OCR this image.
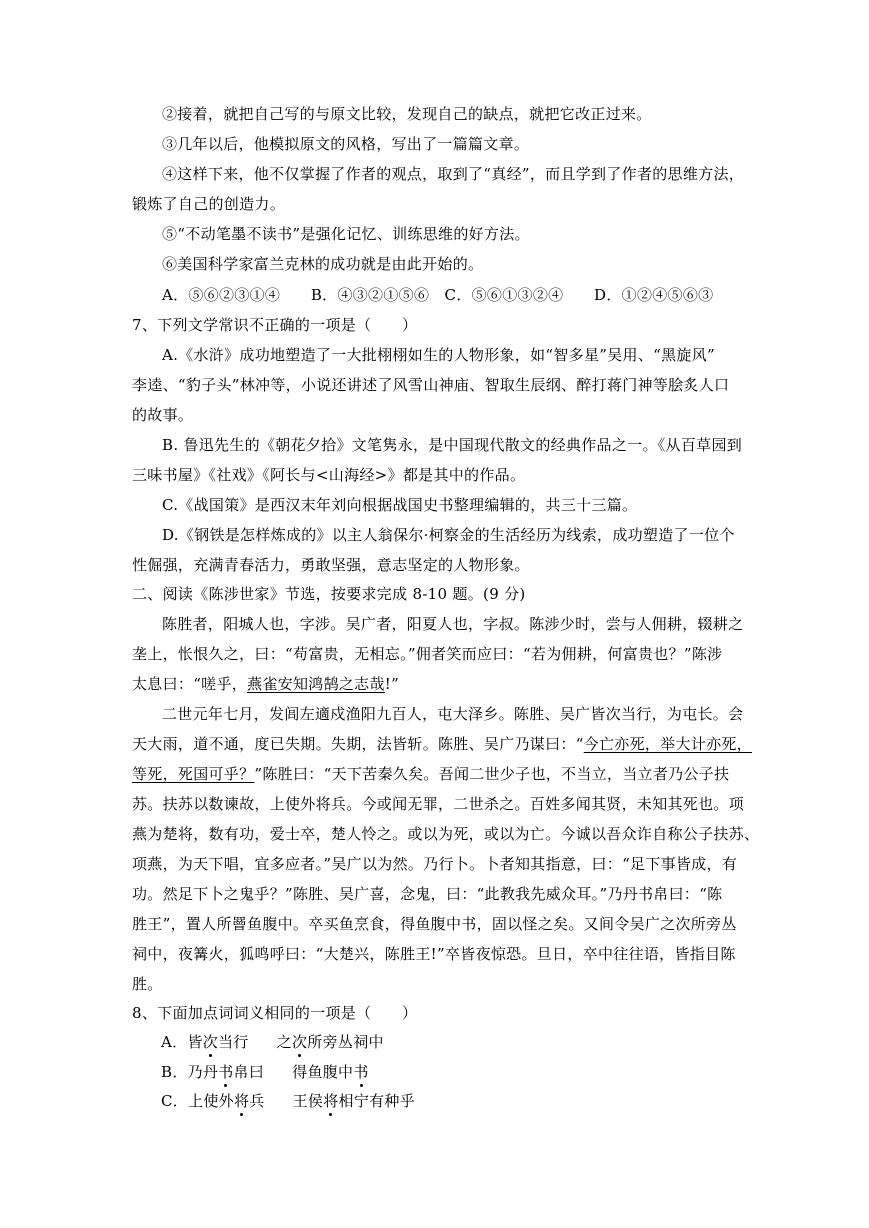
②接着，就把自己写的与原文比较，发现自己的缺点，就把它改正过来。
③几年以后，他模拟原文的风格，写出了一篇篇文章。
④这样下来，他不仅掌握了作者的观点，取到了“真经”，而且学到了作者的思维方法，
锻炼了自己的创造力。
⑤“不动笔墨不读书”是强化记忆、训练思维的好方法。
⑥美国科学家富兰克林的成功就是由此开始的。
A．⑤⑥②③①④　　B．④③②①⑤⑥　C．⑤⑥①③②④　　D．①②④⑤⑥③
7、下列文学常识不正确的一项是（　　）
A.《水浒》成功地塑造了一大批栩栩如生的人物形象，如“智多星”吴用、“黑旋风”
李逵、“豹子头”林冲等，小说还讲述了风雪山神庙、智取生辰纲、醉打蒋门神等脍炙人口
的故事。
B. 鲁迅先生的《朝花夕拾》文笔隽永，是中国现代散文的经典作品之一。《从百草园到
三味书屋》《社戏》《阿长与<山海经>》都是其中的作品。
C.《战国策》是西汉末年刘向根据战国史书整理编辑的，共三十三篇。
D.《钢铁是怎样炼成的》以主人翁保尔·柯察金的生活经历为线索，成功塑造了一位个
性倔强，充满青春活力，勇敢坚强，意志坚定的人物形象。
二、阅读《陈涉世家》节选，按要求完成 8-10 题。(9 分)
陈胜者，阳城人也，字涉。吴广者，阳夏人也，字叔。陈涉少时，尝与人佣耕，辍耕之
垄上，怅恨久之，曰：“苟富贵，无相忘。”佣者笑而应曰：“若为佣耕，何富贵也？”陈涉
太息曰：“嗟乎，燕雀安知鸿鹄之志哉!”
二世元年七月，发闾左適戍渔阳九百人，屯大泽乡。陈胜、吴广皆次当行，为屯长。会
天大雨，道不通，度已失期。失期，法皆斩。陈胜、吴广乃谋曰：“今亡亦死，举大计亦死，
等死，死国可乎？”陈胜曰：“天下苦秦久矣。吾闻二世少子也，不当立，当立者乃公子扶
苏。扶苏以数谏故，上使外将兵。今或闻无罪，二世杀之。百姓多闻其贤，未知其死也。项
燕为楚将，数有功，爱士卒，楚人怜之。或以为死，或以为亡。今诚以吾众诈自称公子扶苏、
项燕，为天下唱，宜多应者。”吴广以为然。乃行卜。卜者知其指意，曰：“足下事皆成，有
功。然足下卜之鬼乎？”陈胜、吴广喜，念鬼，曰：“此教我先威众耳。”乃丹书帛曰：“陈
胜王”，置人所罾鱼腹中。卒买鱼烹食，得鱼腹中书，固以怪之矣。又间令吴广之次所旁丛
祠中，夜篝火，狐鸣呼曰：“大楚兴，陈胜王!”卒皆夜惊恐。旦日，卒中往往语，皆指目陈
胜。
8、下面加点词词义相同的一项是（　　）
A．皆次当行 之次所旁丛祠中
B．乃丹书帛曰 得鱼腹中书
C．上使外将兵 王侯将相宁有种乎
